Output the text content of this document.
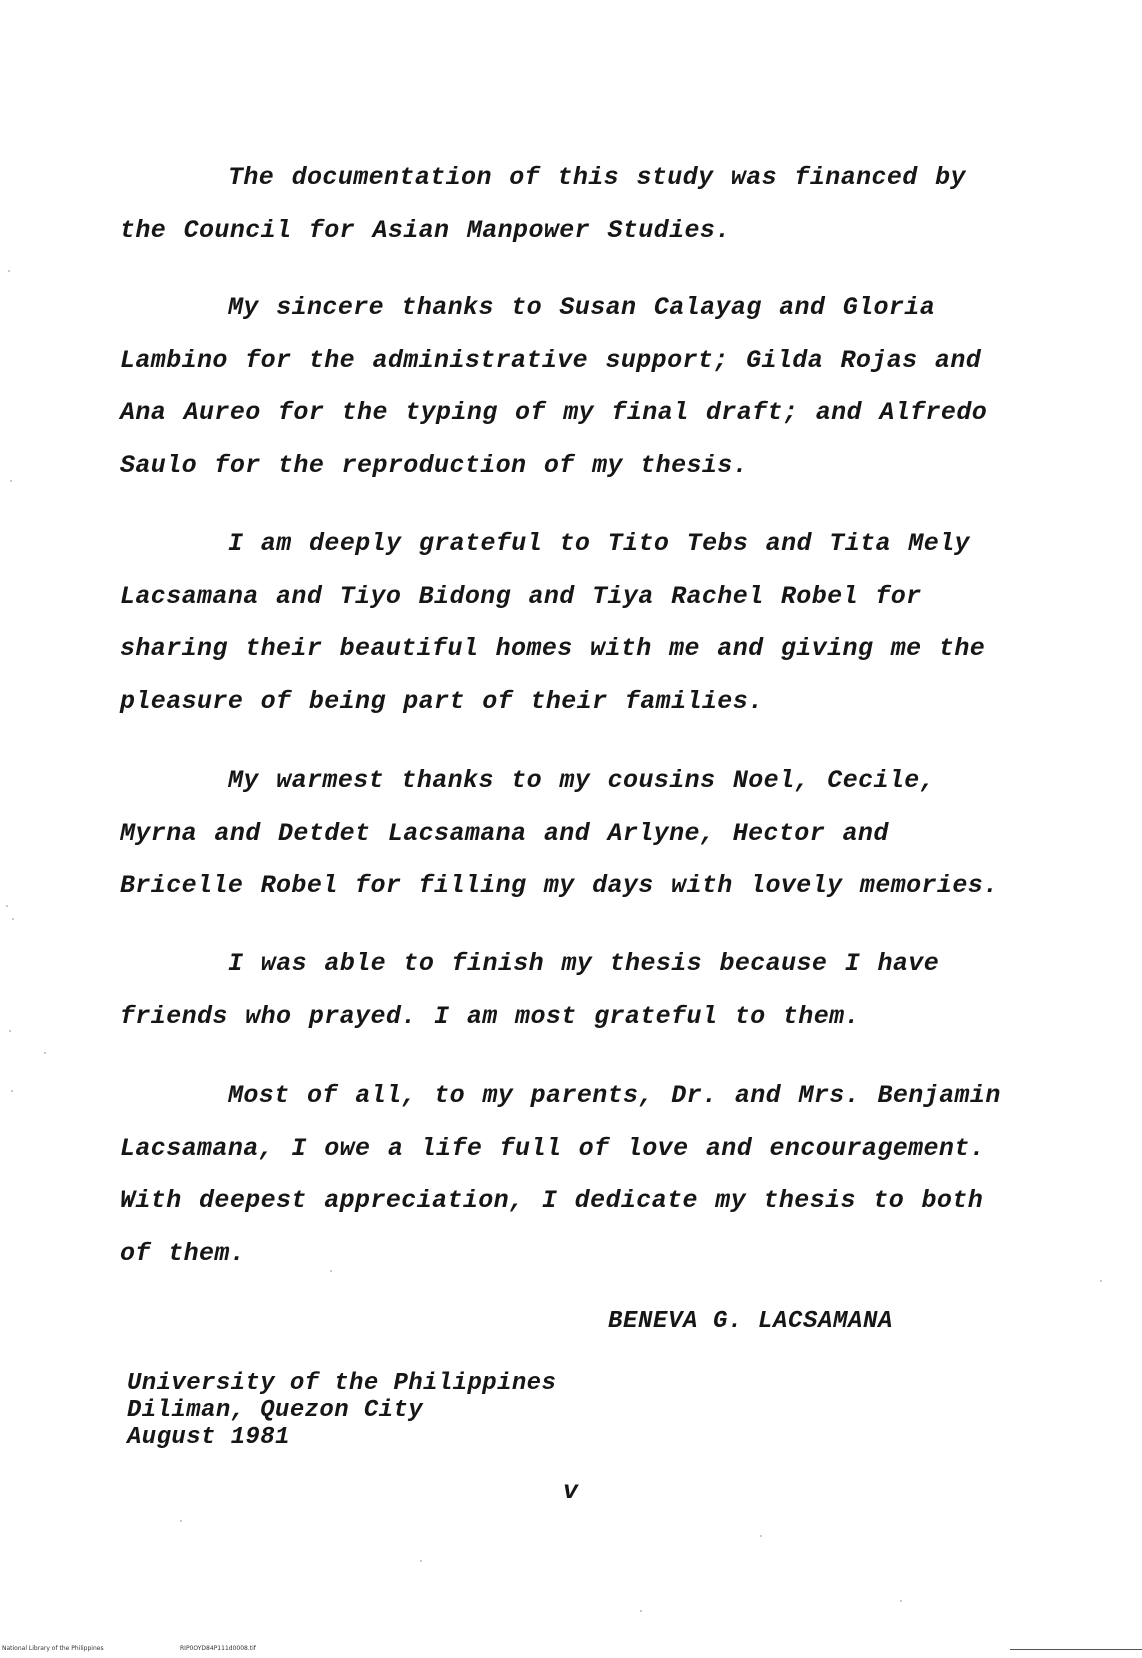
The documentation of this study was financed by the Council for Asian Manpower Studies.

My sincere thanks to Susan Calayag and Gloria Lambino for the administrative support; Gilda Rojas and Ana Aureo for the typing of my final draft; and Alfredo Saulo for the reproduction of my thesis.

I am deeply grateful to Tito Tebs and Tita Mely Lacsamana and Tiyo Bidong and Tiya Rachel Robel for sharing their beautiful homes with me and giving me the pleasure of being part of their families.

My warmest thanks to my cousins Noel, Cecile, Myrna and Detdet Lacsamana and Arlyne, Hector and Bricelle Robel for filling my days with lovely memories.

I was able to finish my thesis because I have friends who prayed. I am most grateful to them.

Most of all, to my parents, Dr. and Mrs. Benjamin Lacsamana, I owe a life full of love and encouragement. With deepest appreciation, I dedicate my thesis to both of them.

BENEVA G. LACSAMANA

University of the Philippines
Diliman, Quezon City
August 1981

v

National Library of the Philippines	RIP0OYD84P111d0008.tif
